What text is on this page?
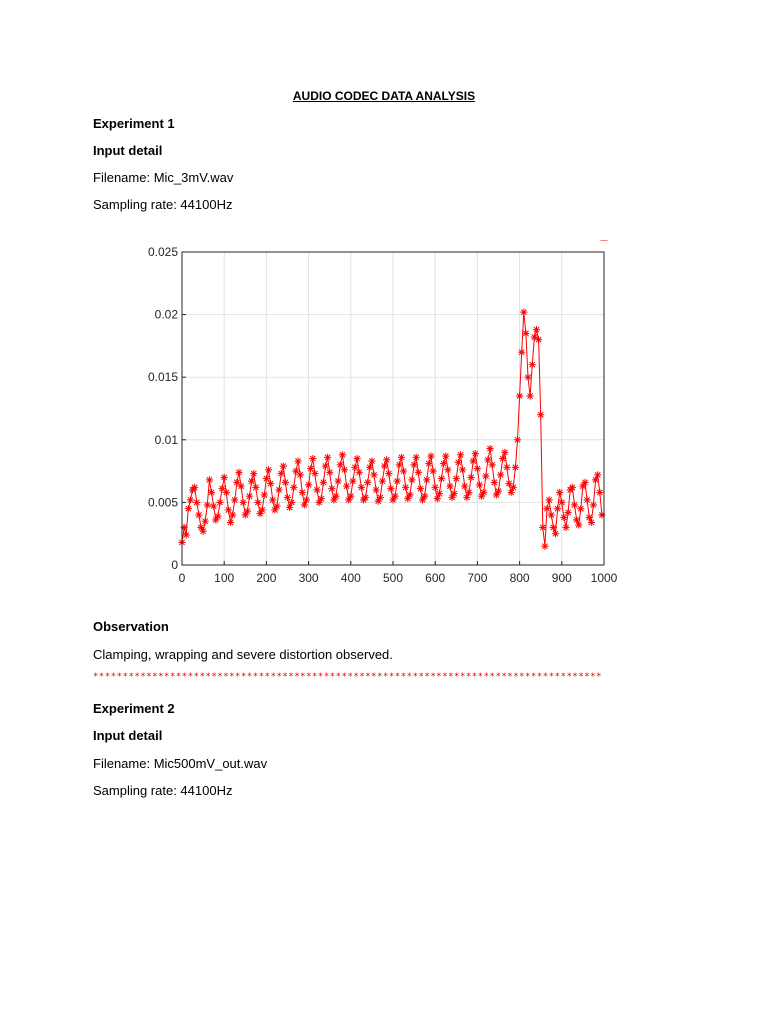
AUDIO CODEC DATA ANALYSIS
Experiment 1
Input detail
Filename: Mic_3mV.wav
Sampling rate: 44100Hz
0 100 200 300 400 500 600 700 800 900 1000
0
0.005
0.01
0.015
0.02
0.025
Observation
Clamping, wrapping and severe distortion observed.
**************************************************************************************
Experiment 2
Input detail
Filename: Mic500mV_out.wav
Sampling rate: 44100Hz
